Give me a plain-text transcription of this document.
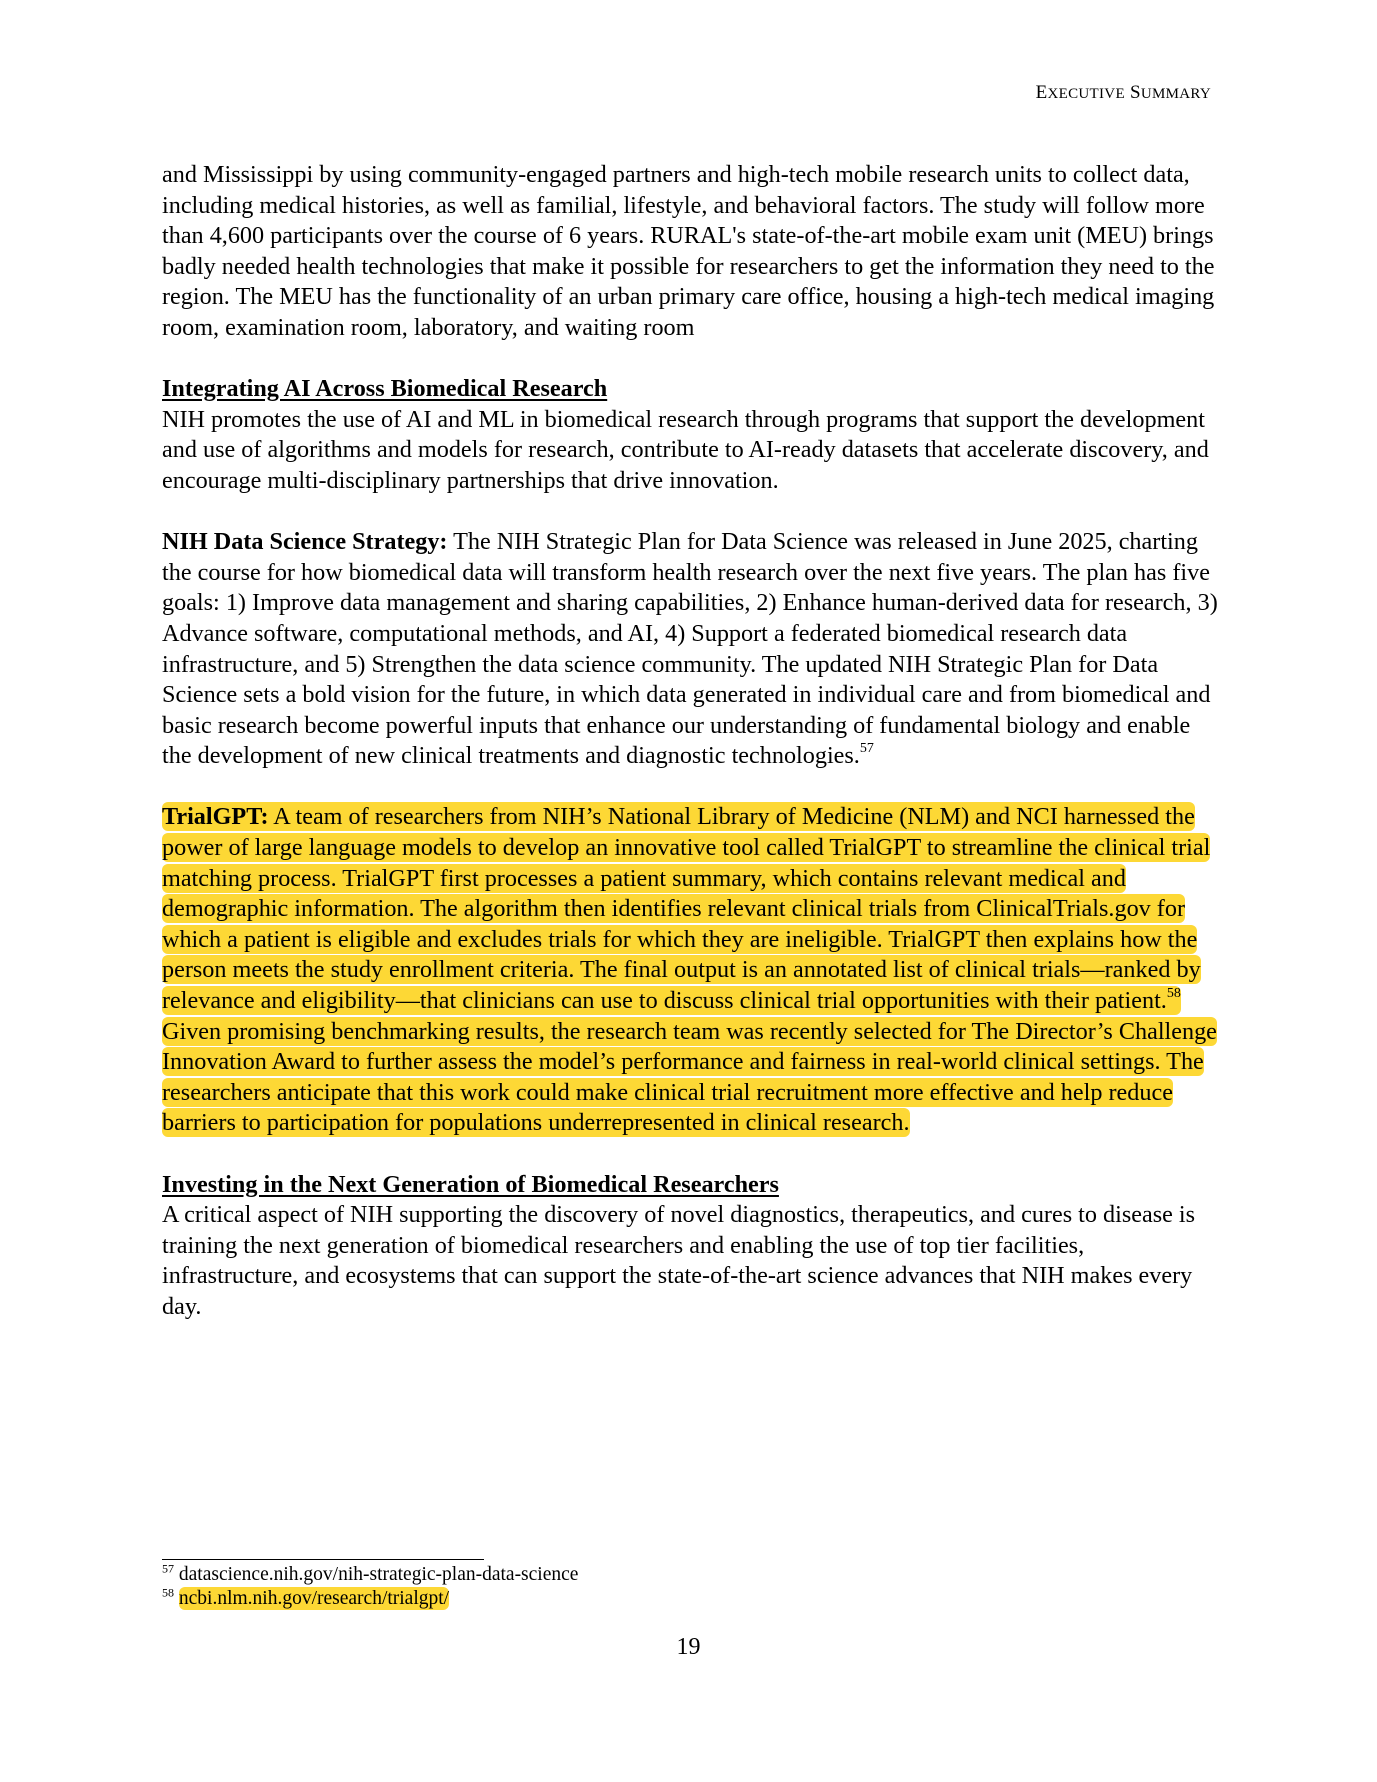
EXECUTIVE SUMMARY

and Mississippi by using community-engaged partners and high-tech mobile research units to collect data, including medical histories, as well as familial, lifestyle, and behavioral factors. The study will follow more than 4,600 participants over the course of 6 years. RURAL's state-of-the-art mobile exam unit (MEU) brings badly needed health technologies that make it possible for researchers to get the information they need to the region. The MEU has the functionality of an urban primary care office, housing a high-tech medical imaging room, examination room, laboratory, and waiting room

Integrating AI Across Biomedical Research
NIH promotes the use of AI and ML in biomedical research through programs that support the development and use of algorithms and models for research, contribute to AI-ready datasets that accelerate discovery, and encourage multi-disciplinary partnerships that drive innovation.

NIH Data Science Strategy: The NIH Strategic Plan for Data Science was released in June 2025, charting the course for how biomedical data will transform health research over the next five years. The plan has five goals: 1) Improve data management and sharing capabilities, 2) Enhance human-derived data for research, 3) Advance software, computational methods, and AI, 4) Support a federated biomedical research data infrastructure, and 5) Strengthen the data science community. The updated NIH Strategic Plan for Data Science sets a bold vision for the future, in which data generated in individual care and from biomedical and basic research become powerful inputs that enhance our understanding of fundamental biology and enable the development of new clinical treatments and diagnostic technologies.$^{57}$

TrialGPT: A team of researchers from NIH’s National Library of Medicine (NLM) and NCI harnessed the power of large language models to develop an innovative tool called TrialGPT to streamline the clinical trial matching process. TrialGPT first processes a patient summary, which contains relevant medical and demographic information. The algorithm then identifies relevant clinical trials from ClinicalTrials.gov for which a patient is eligible and excludes trials for which they are ineligible. TrialGPT then explains how the person meets the study enrollment criteria. The final output is an annotated list of clinical trials—ranked by relevance and eligibility—that clinicians can use to discuss clinical trial opportunities with their patient.$^{58}$ Given promising benchmarking results, the research team was recently selected for The Director’s Challenge Innovation Award to further assess the model’s performance and fairness in real-world clinical settings. The researchers anticipate that this work could make clinical trial recruitment more effective and help reduce barriers to participation for populations underrepresented in clinical research.

Investing in the Next Generation of Biomedical Researchers
A critical aspect of NIH supporting the discovery of novel diagnostics, therapeutics, and cures to disease is training the next generation of biomedical researchers and enabling the use of top tier facilities, infrastructure, and ecosystems that can support the state-of-the-art science advances that NIH makes every day.

$^{57}$ datascience.nih.gov/nih-strategic-plan-data-science
$^{58}$ ncbi.nlm.nih.gov/research/trialgpt/
19
